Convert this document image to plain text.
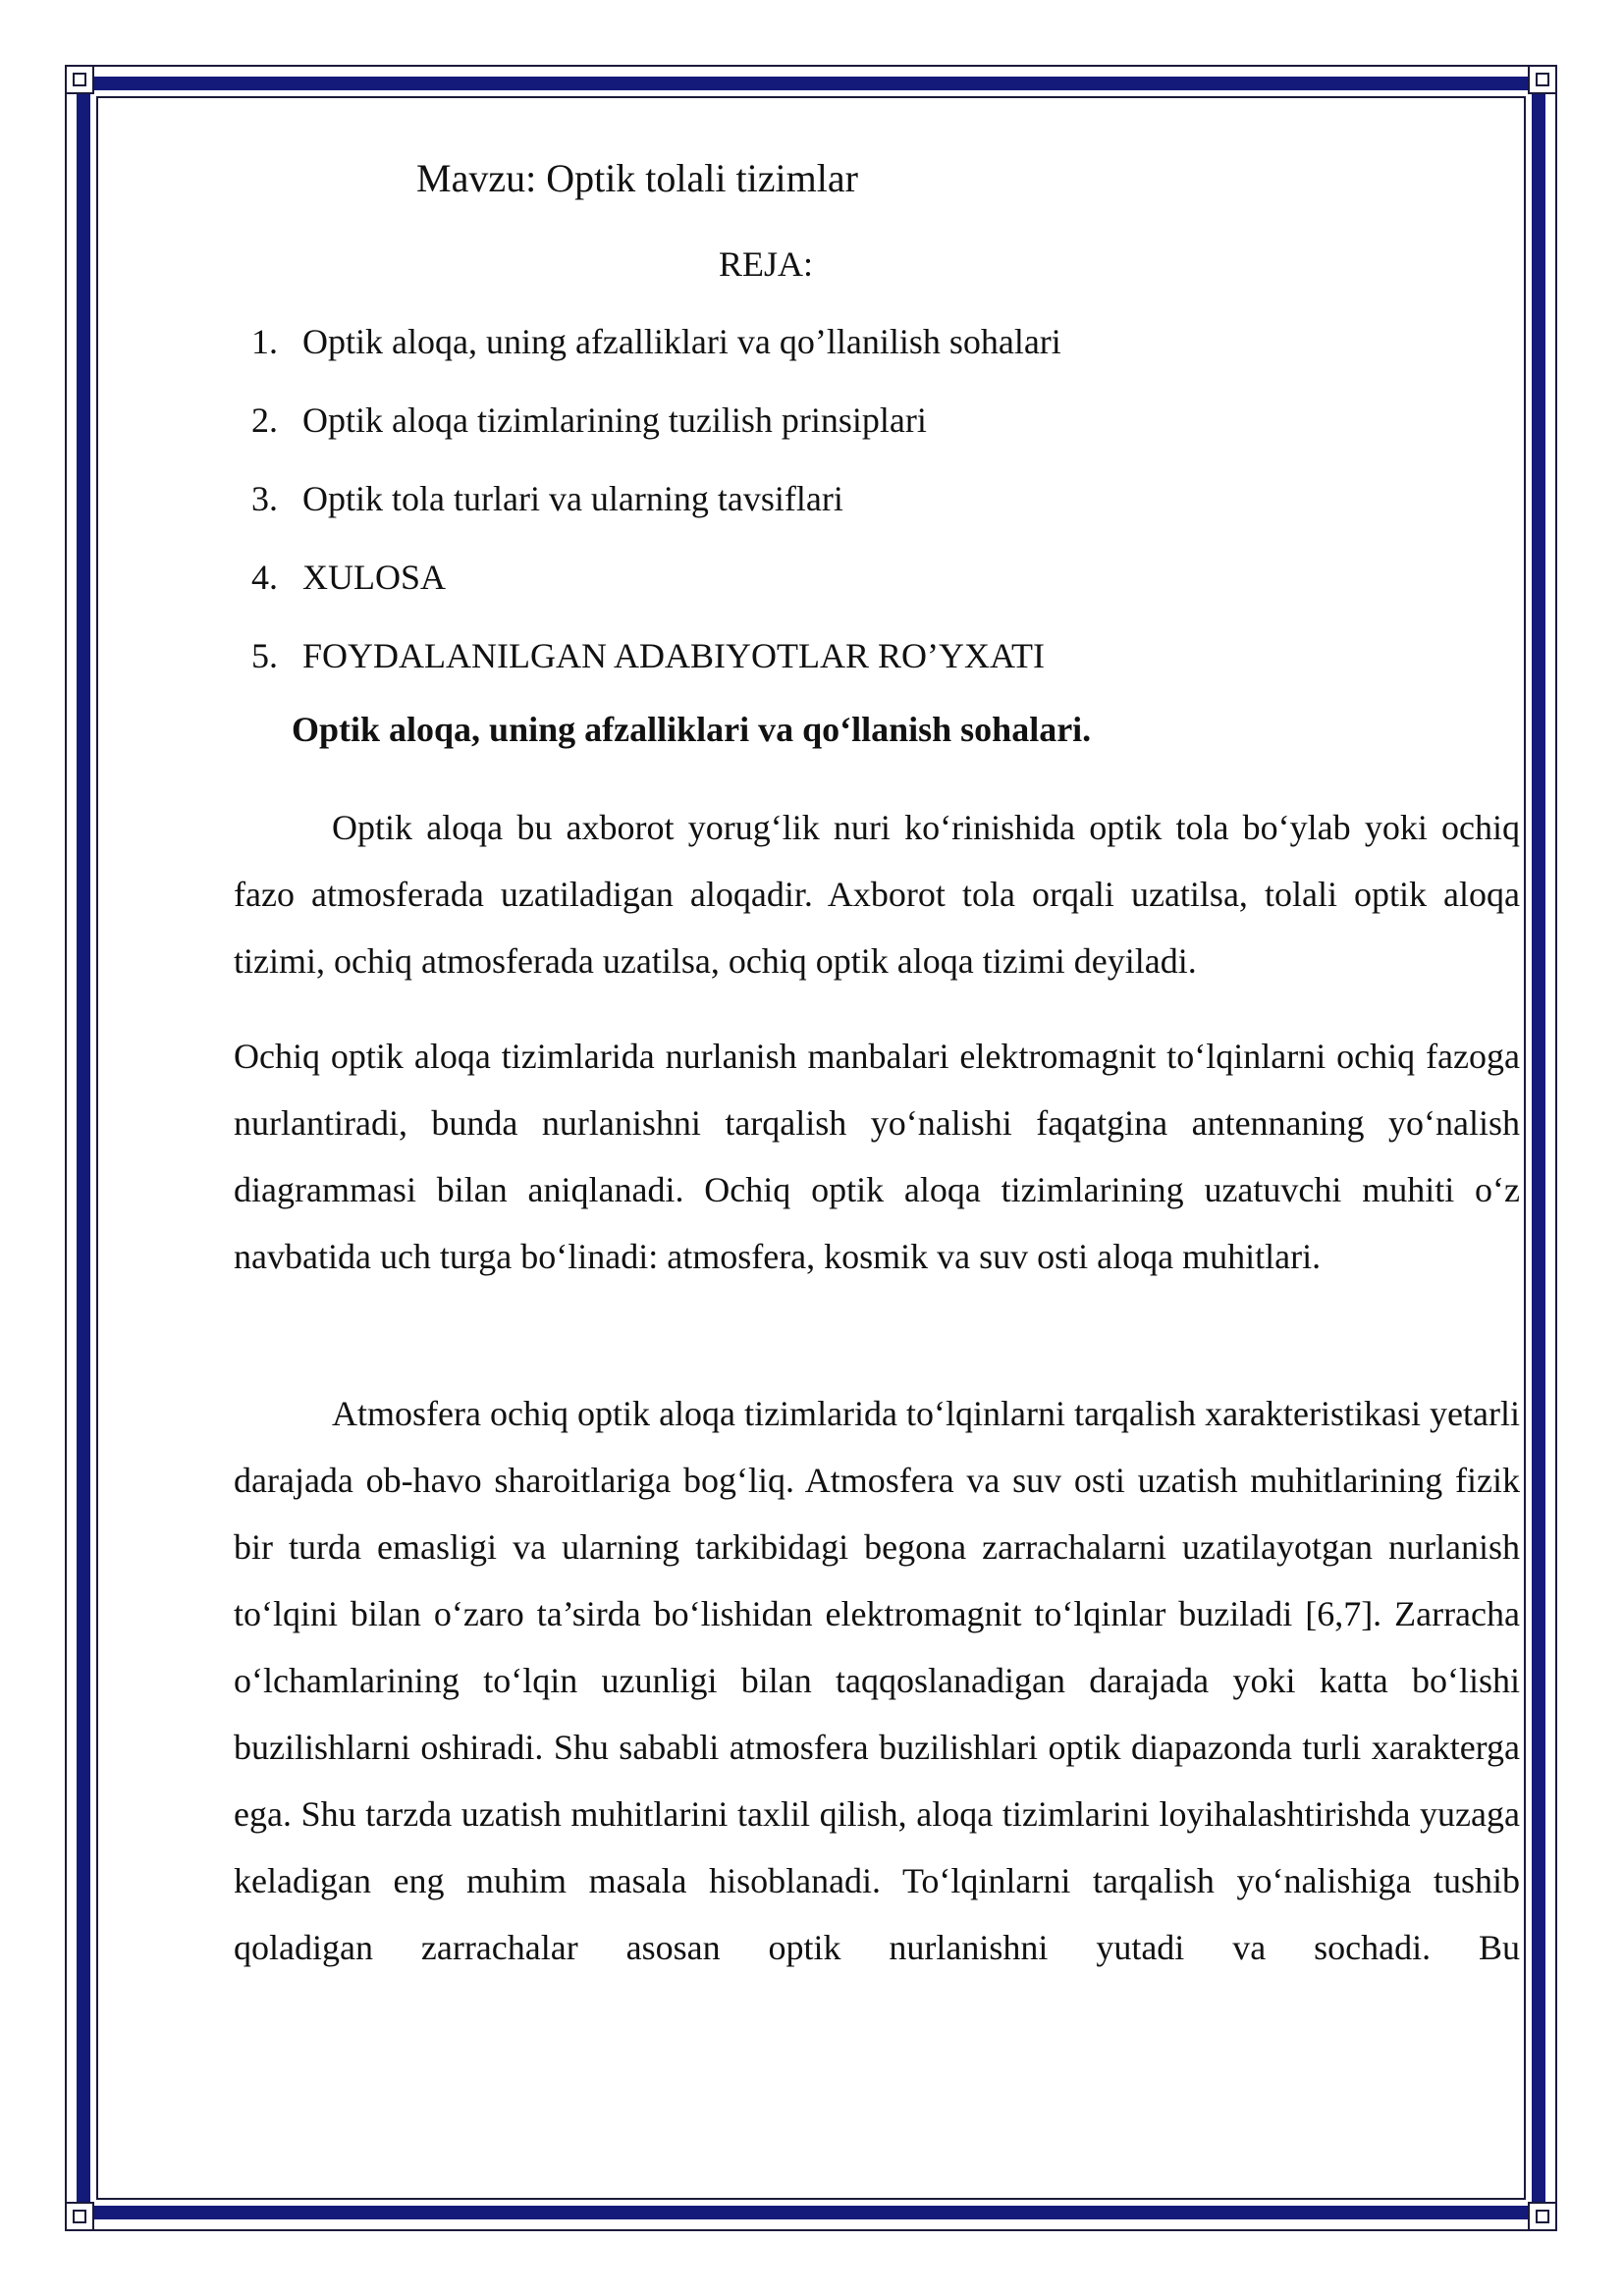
Mavzu: Optik tolali tizimlar
REJA:
1. Optik aloqa, uning afzalliklari va qo’llanilish sohalari
2. Optik aloqa tizimlarining tuzilish prinsiplari
3. Optik tola turlari va ularning tavsiflari
4. XULOSA
5. FOYDALANILGAN ADABIYOTLAR RO’YXATI
Optik aloqa, uning afzalliklari va qo‘llanish sohalari.

Optik aloqa bu axborot yorug‘lik nuri ko‘rinishida optik tola bo‘ylab yoki ochiq fazo atmosferada uzatiladigan aloqadir. Axborot tola orqali uzatilsa, tolali optik aloqa tizimi, ochiq atmosferada uzatilsa, ochiq optik aloqa tizimi deyiladi.

Ochiq optik aloqa tizimlarida nurlanish manbalari elektromagnit to‘lqinlarni ochiq fazoga nurlantiradi, bunda nurlanishni tarqalish yo‘nalishi faqatgina antennaning yo‘nalish diagrammasi bilan aniqlanadi. Ochiq optik aloqa tizimlarining uzatuvchi muhiti o‘z navbatida uch turga bo‘linadi: atmosfera, kosmik va suv osti aloqa muhitlari.

Atmosfera ochiq optik aloqa tizimlarida to‘lqinlarni tarqalish xarakteristikasi yetarli darajada ob-havo sharoitlariga bog‘liq. Atmosfera va suv osti uzatish muhitlarining fizik bir turda emasligi va ularning tarkibidagi begona zarrachalarni uzatilayotgan nurlanish to‘lqini bilan o‘zaro ta’sirda bo‘lishidan elektromagnit to‘lqinlar buziladi [6,7]. Zarracha o‘lchamlarining to‘lqin uzunligi bilan taqqoslanadigan darajada yoki katta bo‘lishi buzilishlarni oshiradi. Shu sababli atmosfera buzilishlari optik diapazonda turli xarakterga ega. Shu tarzda uzatish muhitlarini taxlil qilish, aloqa tizimlarini loyihalashtirishda yuzaga keladigan eng muhim masala hisoblanadi. To‘lqinlarni tarqalish yo‘nalishiga tushib qoladigan zarrachalar asosan optik nurlanishni yutadi va sochadi. Bu
